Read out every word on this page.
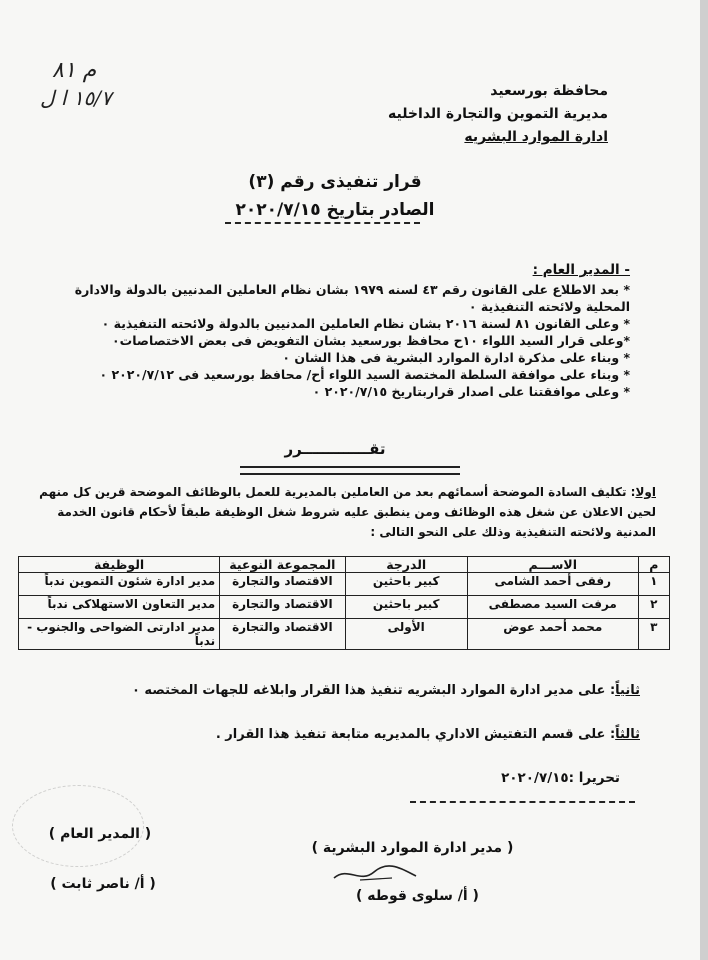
م ٨١
١٥/٧ ا ل	محافظة بورسعيد
مديرية التموين والتجارة الداخليه
ادارة الموارد البشريه
قرار تنفيذى رقم (٣)
الصادر بتاريخ ٢٠٢٠/٧/١٥
- المدير العام :

* بعد الاطلاع على القانون رقم ٤٣ لسنه ١٩٧٩ بشان نظام العاملين المدنيين بالدولة والادارة المحلية ولائحته التنفيذية ٠

* وعلى القانون ٨١ لسنة ٢٠١٦ بشان نظام العاملين المدنيين بالدولة ولائحته التنفيذية ٠

*وعلى قرار السيد اللواء ١٠ح محافظ بورسعيد بشان التفويض فى بعض الاختصاصات٠

* وبناء على مذكرة ادارة الموارد البشرية فى هذا الشان ٠

* وبناء على موافقة السلطة المختصة السيد اللواء أح/ محافظ بورسعيد فى ٢٠٢٠/٧/١٢ ٠

* وعلى موافقتنا على اصدار قراربتاريخ ٢٠٢٠/٧/١٥ ٠

تقـــــــــــــرر
اولا: تكليف السادة الموضحة أسمائهم بعد من العاملين بالمديرية للعمل بالوظائف الموضحة قرين كل منهم لحين الاعلان عن شغل هذه الوظائف ومن ينطبق عليه شروط شغل الوظيفة طبقاً لأحكام قانون الخدمة المدنية ولائحته التنفيذية وذلك على النحو التالى :
م	الاســـم	الدرجة	المجموعة النوعية	الوظيفة
١	رفقى أحمد الشامى	كبير باحثين	الاقتصاد والتجارة	مدير ادارة شئون التموين ندباً
٢	مرفت السيد مصطفى	كبير باحثين	الاقتصاد والتجارة	مدير التعاون الاستهلاكى ندباً
٣	محمد أحمد عوض	الأولى	الاقتصاد والتجارة	مدير ادارتى الضواحى والجنوب - ندباً
ثانياً: على مدير ادارة الموارد البشريه تنفيذ هذا القرار وابلاغه للجهات المختصه ٠
ثالثاً: على قسم التفتيش الاداري بالمديريه متابعة تنفيذ هذا القرار .
تحريرا :٢٠٢٠/٧/١٥
( مدير ادارة الموارد البشرية )
( أ/ سلوى قوطه )
( المدير العام )
( أ/ ناصر ثابت )
